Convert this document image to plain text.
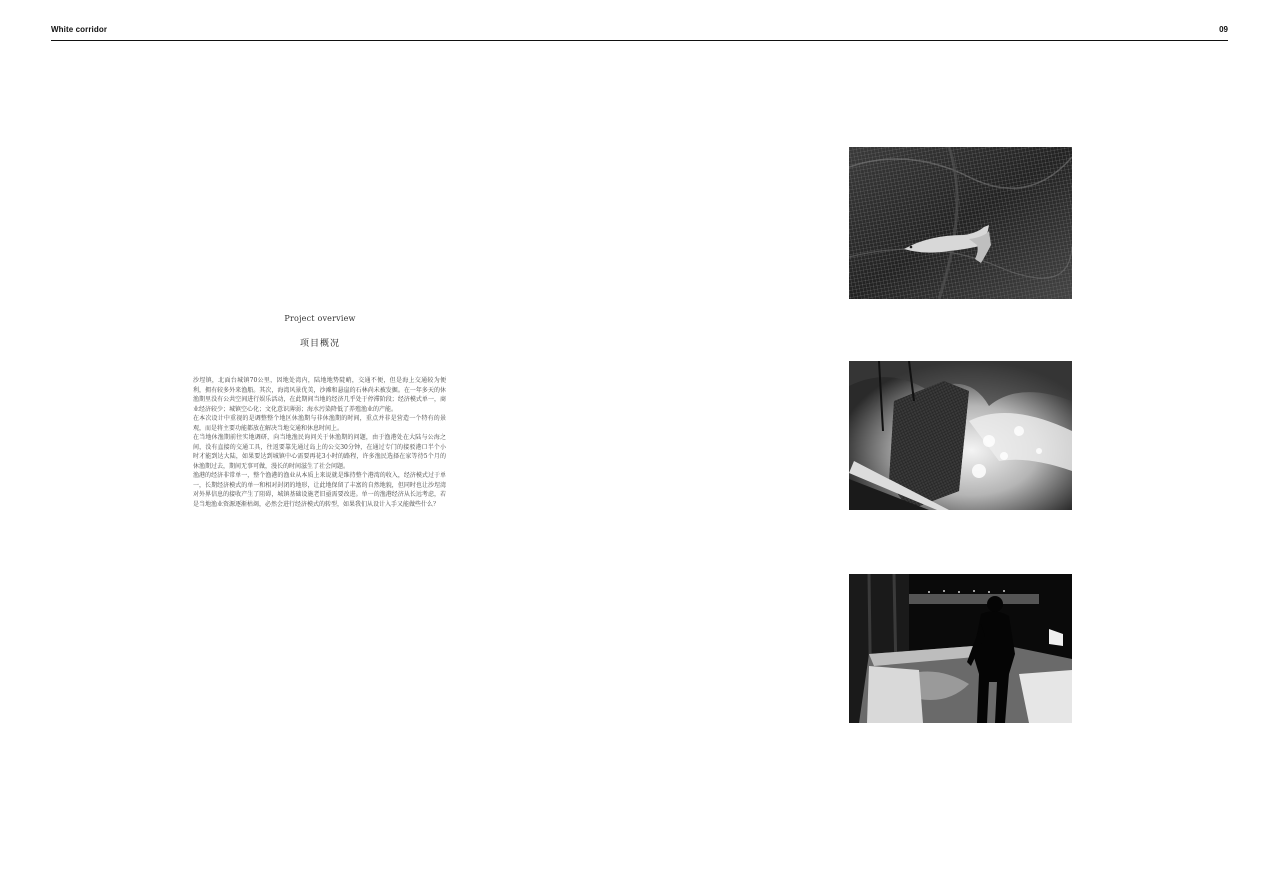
White corridor	09
Project overview
项目概况

沙埕镇，北面台城镇70公里，因地处湾内，陆地地势陡峭，交通不便，但是海上交通较为便利，拥有较多外来渔船。其次，海湾风景优美，沙滩和悬崖的石林尚未被发掘。在一年多天的休渔期里没有公共空间进行娱乐活动，在此期间当地的经济几乎处于停滞阶段；经济模式单一，商业经济较少；城镇空心化；文化意识薄弱；海水污染降低了养殖渔业的产能。

在本次设计中重视的是调整整个地区休渔期与非休渔期的时间，重点并非是营造一个特有的景观，而是将主要功能都放在解决当地交通和休息时间上。

在当地休渔期前往实地调研，向当地渔民询问关于休渔期的问题，由于渔港处在大陆与公海之间，没有直接的交通工具，往返要靠先通过岛上的公交30分钟，在通过专门的接驳港口半个小时才能到达大陆，如果要达到城镇中心需要再花3小时的路程，许多渔民选择在家等待5个月的休渔期过去，期间无事可做，漫长的时间滋生了社会问题。

渔港的经济非常单一，整个渔港的渔业从本质上来说就是维持整个港湾的收入，经济模式过于单一，长期经济模式的单一和相对封闭的地形，让此地保留了丰富的自然地貌，但同时也让沙埕湾对外界信息的接收产生了阻碍，城镇基础设施老旧亟需要改进。单一的渔港经济从长远考虑，若是当地渔业资源逐渐枯竭，必然会进行经济模式的转型，如果我们从设计入手又能做些什么？
